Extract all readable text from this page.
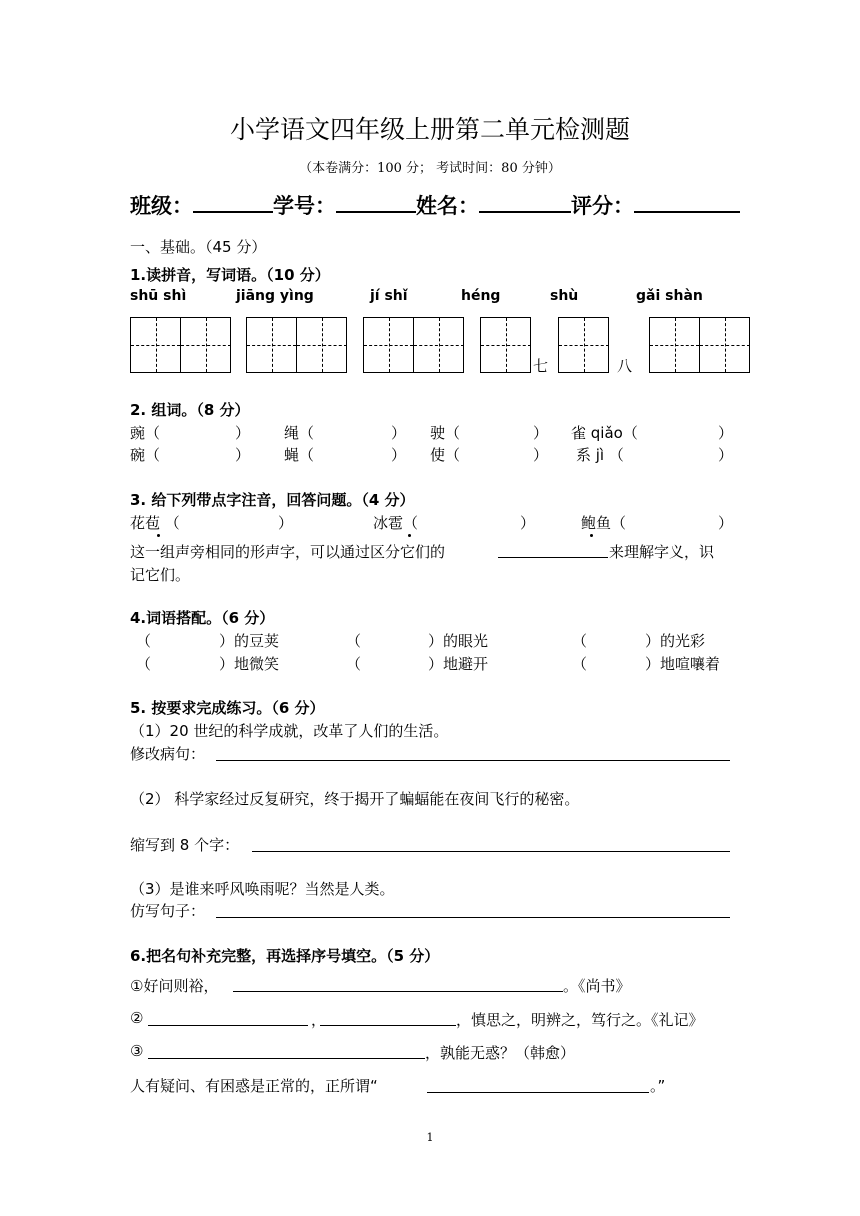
小学语文四年级上册第二单元检测题
（本卷满分：100 分； 考试时间：80 分钟）
班级：	学号：	姓名：	评分：
一、基础。（45 分）
1.读拼音，写词语。（10 分）
shū shì	jiāng yìng	jí shǐ	héng	shù	gǎi shàn
七	八
2. 组词。（8 分）
豌（	） 绳（	） 驶（	） 雀 qiǎo（	）
碗（	） 蝇（	） 使（	） 系 jì （	）
3. 给下列带点字注音，回答问题。（4 分）
花苞 （	）	冰雹（	）	鲍鱼（	）
这一组声旁相同的形声字，可以通过区分它们的	来理解字义，识
记它们。
4.词语搭配。（6 分）
（	）的豆荚	（	）的眼光	（	）的光彩
（	）地微笑	（	）地避开	（	）地喧嚷着
5. 按要求完成练习。（6 分）
（1）20 世纪的科学成就，改革了人们的生活。
修改病句：
（2） 科学家经过反复研究，终于揭开了蝙蝠能在夜间飞行的秘密。
缩写到 8 个字：
（3）是谁来呼风唤雨呢？当然是人类。
仿写句子：
6.把名句补充完整，再选择序号填空。（5 分）
①好问则裕，	。《尚书》
②	，	，慎思之，明辨之，笃行之。《礼记》
③	，孰能无惑？（韩愈）
人有疑问、有困惑是正常的，正所谓“	。”
1
